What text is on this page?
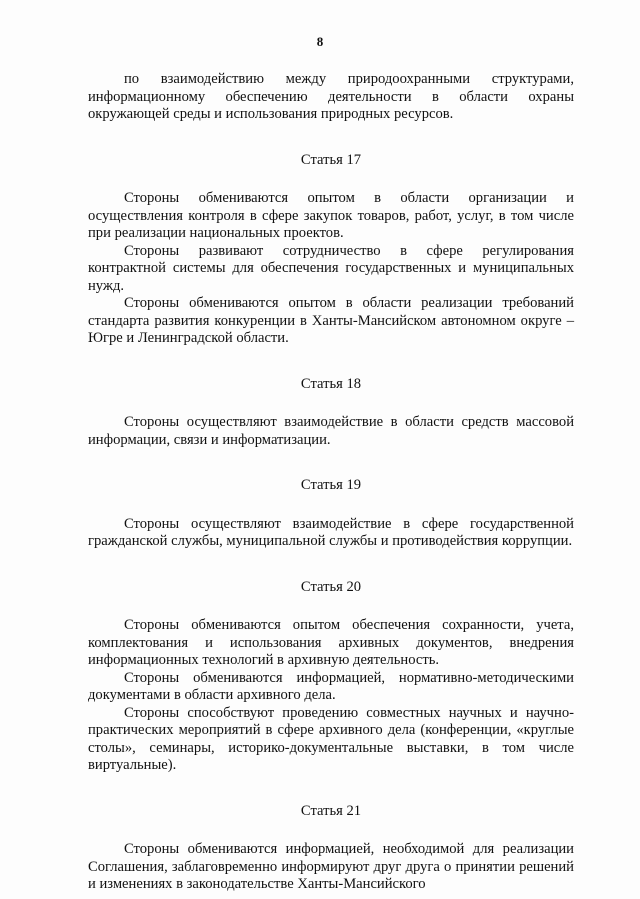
8

по взаимодействию между природоохранными структурами, информационному обеспечению деятельности в области охраны окружающей среды и использования природных ресурсов.

Статья 17

Стороны обмениваются опытом в области организации и осуществления контроля в сфере закупок товаров, работ, услуг, в том числе при реализации национальных проектов.

Стороны развивают сотрудничество в сфере регулирования контрактной системы для обеспечения государственных и муниципальных нужд.

Стороны обмениваются опытом в области реализации требований стандарта развития конкуренции в Ханты-Мансийском автономном округе – Югре и Ленинградской области.

Статья 18

Стороны осуществляют взаимодействие в области средств массовой информации, связи и информатизации.

Статья 19

Стороны осуществляют взаимодействие в сфере государственной гражданской службы, муниципальной службы и противодействия коррупции.

Статья 20

Стороны обмениваются опытом обеспечения сохранности, учета, комплектования и использования архивных документов, внедрения информационных технологий в архивную деятельность.

Стороны обмениваются информацией, нормативно-методическими документами в области архивного дела.

Стороны способствуют проведению совместных научных и научно-практических мероприятий в сфере архивного дела (конференции, «круглые столы», семинары, историко-документальные выставки, в том числе виртуальные).

Статья 21

Стороны обмениваются информацией, необходимой для реализации Соглашения, заблаговременно информируют друг друга о принятии решений и изменениях в законодательстве Ханты-Мансийского
